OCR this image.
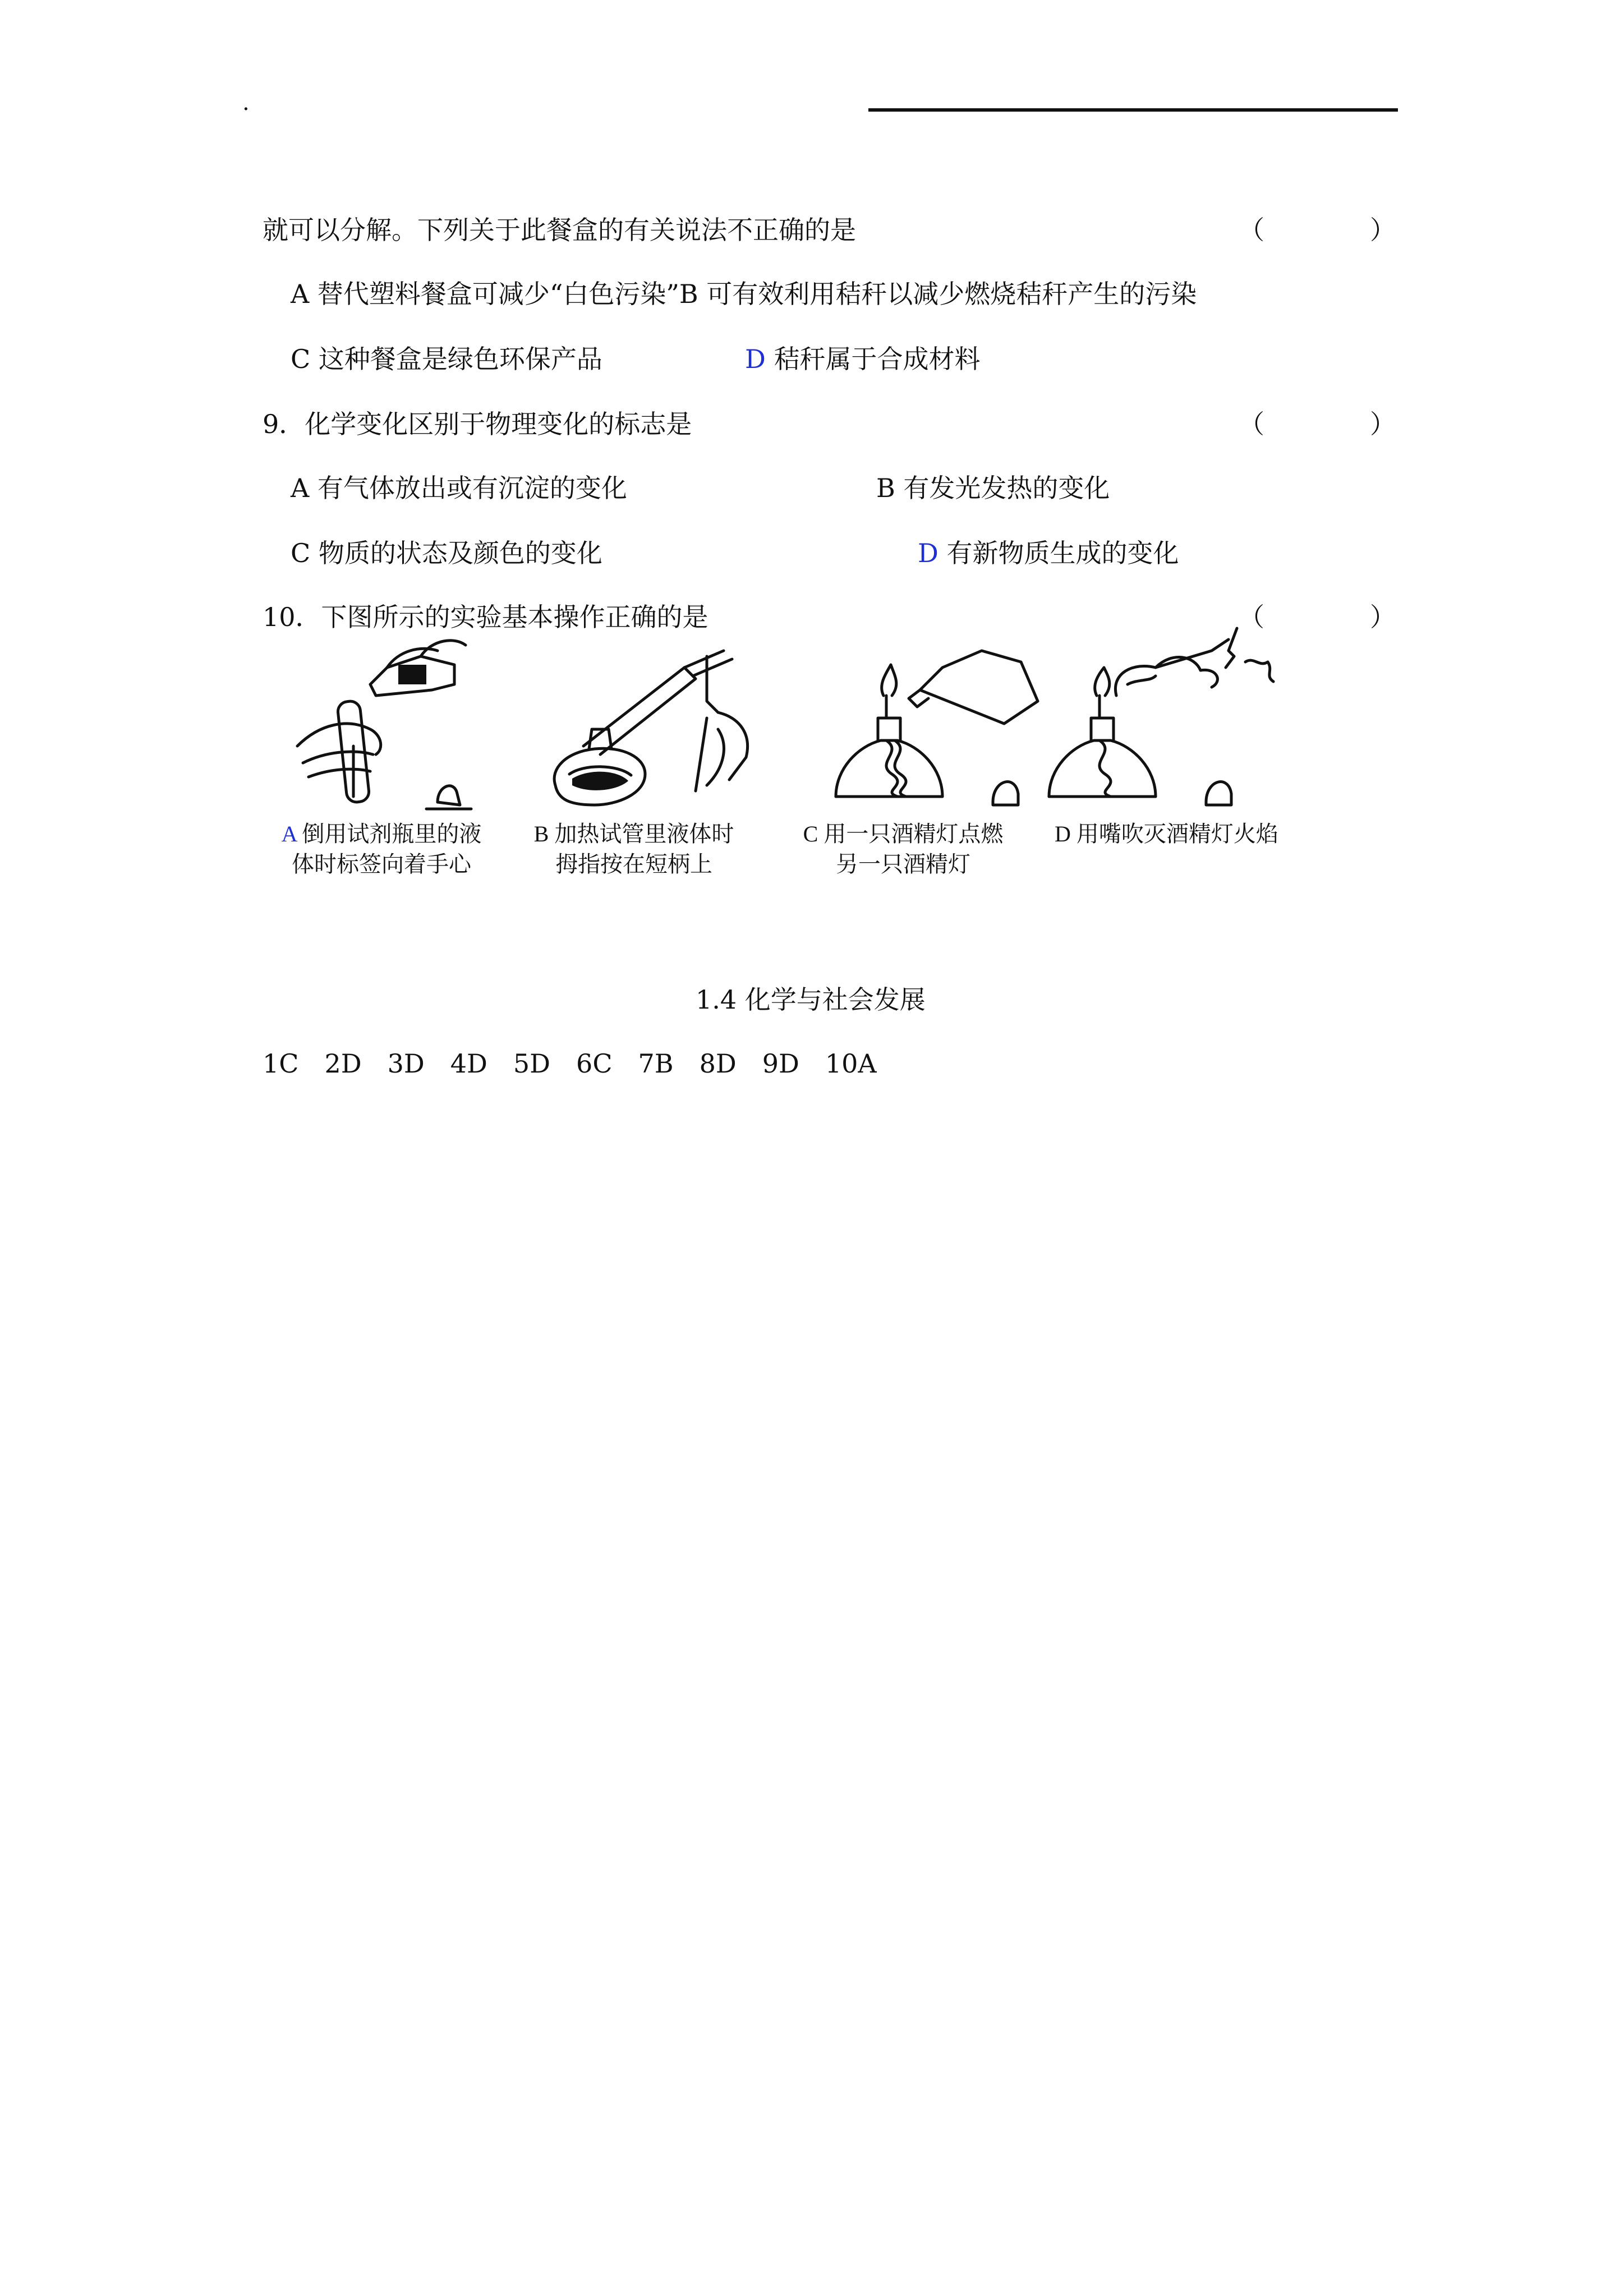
.
就可以分解。下列关于此餐盒的有关说法不正确的是	（	）
A 替代塑料餐盒可减少“白色污染”B 可有效利用秸秆以减少燃烧秸秆产生的污染
C 这种餐盒是绿色环保产品	D 秸秆属于合成材料
9．化学变化区别于物理变化的标志是	（	）
A 有气体放出或有沉淀的变化	B 有发光发热的变化
C 物质的状态及颜色的变化	D 有新物质生成的变化
10．下图所示的实验基本操作正确的是	（	）
A 倒用试剂瓶里的液
体时标签向着手心
B 加热试管里液体时
拇指按在短柄上
C 用一只酒精灯点燃
另一只酒精灯
D 用嘴吹灭酒精灯火焰
1.4 化学与社会发展
1C　2D　3D　4D　5D　6C　7B　8D　9D　10A
